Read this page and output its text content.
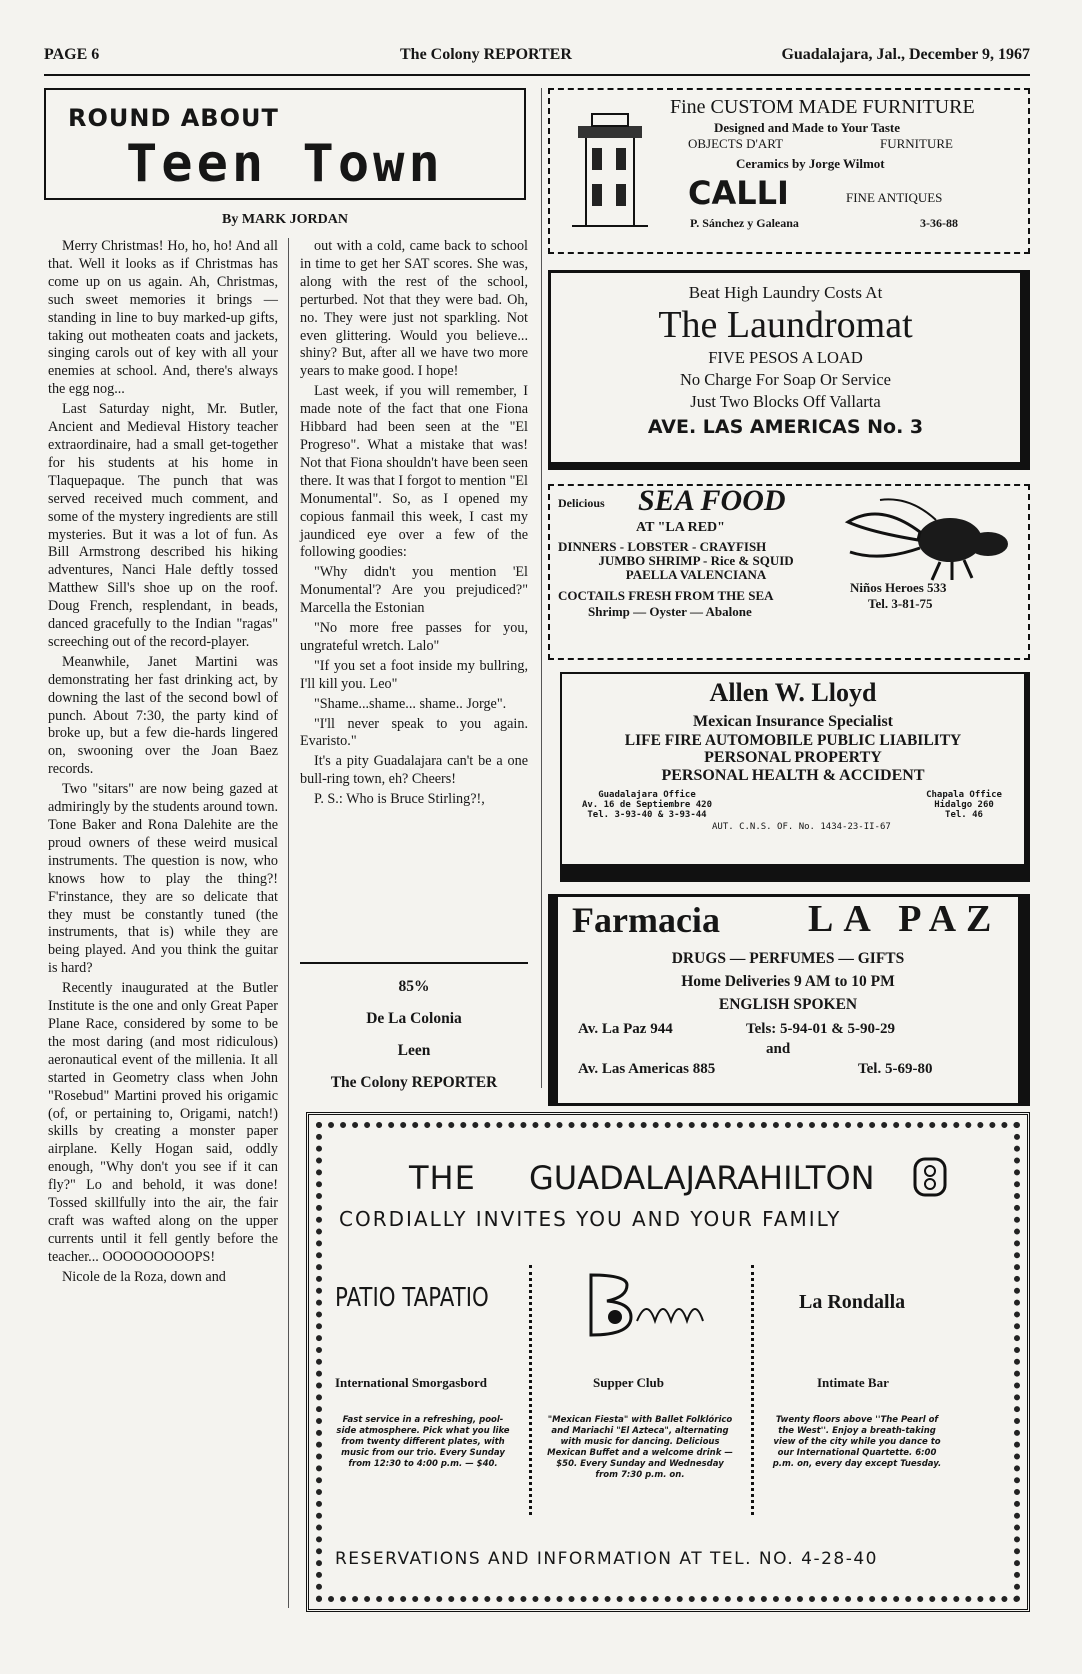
PAGE 6	The Colony REPORTER	Guadalajara, Jal., December 9, 1967
ROUND ABOUT
Teen Town
By MARK JORDAN

Merry Christmas! Ho, ho, ho! And all that. Well it looks as if Christmas has come up on us again. Ah, Christmas, such sweet memories it brings — standing in line to buy marked-up gifts, taking out motheaten coats and jackets, singing carols out of key with all your enemies at school. And, there's always the egg nog...

Last Saturday night, Mr. Butler, Ancient and Medieval History teacher extraordinaire, had a small get-together for his students at his home in Tlaquepaque. The punch that was served received much comment, and some of the mystery ingredients are still mysteries. But it was a lot of fun. As Bill Armstrong described his hiking adventures, Nanci Hale deftly tossed Matthew Sill's shoe up on the roof. Doug French, resplendant, in beads, danced gracefully to the Indian "ragas" screeching out of the record-player.

Meanwhile, Janet Martini was demonstrating her fast drinking act, by downing the last of the second bowl of punch. About 7:30, the party kind of broke up, but a few die-hards lingered on, swooning over the Joan Baez records.

Two "sitars" are now being gazed at admiringly by the students around town. Tone Baker and Rona Dalehite are the proud owners of these weird musical instruments. The question is now, who knows how to play the thing?! F'rinstance, they are so delicate that they must be constantly tuned (the instruments, that is) while they are being played. And you think the guitar is hard?

Recently inaugurated at the Butler Institute is the one and only Great Paper Plane Race, considered by some to be the most daring (and most ridiculous) aeronautical event of the millenia. It all started in Geometry class when John "Rosebud" Martini proved his origamic (of, or pertaining to, Origami, natch!) skills by creating a monster paper airplane. Kelly Hogan said, oddly enough, "Why don't you see if it can fly?" Lo and behold, it was done! Tossed skillfully into the air, the fair craft was wafted along on the upper currents until it fell gently before the teacher... OOOOOOOOOPS!

Nicole de la Roza, down and

out with a cold, came back to school in time to get her SAT scores. She was, along with the rest of the school, perturbed. Not that they were bad. Oh, no. They were just not sparkling. Not even glittering. Would you believe... shiny? But, after all we have two more years to make good. I hope!

Last week, if you will remember, I made note of the fact that one Fiona Hibbard had been seen at the "El Progreso". What a mistake that was! Not that Fiona shouldn't have been seen there. It was that I forgot to mention "El Monumental". So, as I opened my copious fanmail this week, I cast my jaundiced eye over a few of the following goodies:

"Why didn't you mention 'El Monumental'? Are you prejudiced?" Marcella the Estonian

"No more free passes for you, ungrateful wretch. Lalo"

"If you set a foot inside my bullring, I'll kill you. Leo"

"Shame...shame... shame.. Jorge".

"I'll never speak to you again. Evaristo."

It's a pity Guadalajara can't be a one bull-ring town, eh? Cheers!

P. S.: Who is Bruce Stirling?!,

85%
De La Colonia
Leen
The Colony REPORTER
Fine CUSTOM MADE FURNITURE
Designed and Made to Your Taste
OBJECTS D'ART	FURNITURE
Ceramics by Jorge Wilmot
CALLI	FINE ANTIQUES
P. Sánchez y Galeana	3-36-88
Beat High Laundry Costs At
The Laundromat
FIVE PESOS A LOAD
No Charge For Soap Or Service
Just Two Blocks Off Vallarta
AVE. LAS AMERICAS No. 3
Delicious SEA FOOD
AT "LA RED"
DINNERS - LOBSTER - CRAYFISH
JUMBO SHRIMP - Rice & SQUID
PAELLA VALENCIANA
COCTAILS FRESH FROM THE SEA
Shrimp — Oyster — Abalone
Niños Heroes 533
Tel. 3-81-75
Allen W. Lloyd
Mexican Insurance Specialist
LIFE FIRE AUTOMOBILE PUBLIC LIABILITY
PERSONAL PROPERTY
PERSONAL HEALTH & ACCIDENT
Guadalajara Office
Av. 16 de Septiembre 420
Tel. 3-93-40 & 3-93-44
Chapala Office
Hidalgo 260
Tel. 46
AUT. C.N.S. OF. No. 1434-23-II-67
Farmacia LA PAZ
DRUGS — PERFUMES — GIFTS
Home Deliveries 9 AM to 10 PM
ENGLISH SPOKEN
Av. La Paz 944	Tels: 5-94-01 & 5-90-29
and
Av. Las Americas 885	Tel. 5-69-80
THE GUADALAJARA HILTON
CORDIALLY INVITES YOU AND YOUR FAMILY
PATIO TAPATIO
International Smorgasbord
Fast service in a refreshing, pool-side atmosphere. Pick what you like from twenty different plates, with music from our trio. Every Sunday from 12:30 to 4:00 p.m. — $40.
Supper Club
"Mexican Fiesta" with Ballet Folklórico and Mariachi "El Azteca", alternating with music for dancing. Delicious Mexican Buffet and a welcome drink — $50. Every Sunday and Wednesday from 7:30 p.m. on.
La Rondalla
Intimate Bar
Twenty floors above ''The Pearl of the West''. Enjoy a breath-taking view of the city while you dance to our International Quartette. 6:00 p.m. on, every day except Tuesday.
RESERVATIONS AND INFORMATION AT TEL. NO. 4-28-40
